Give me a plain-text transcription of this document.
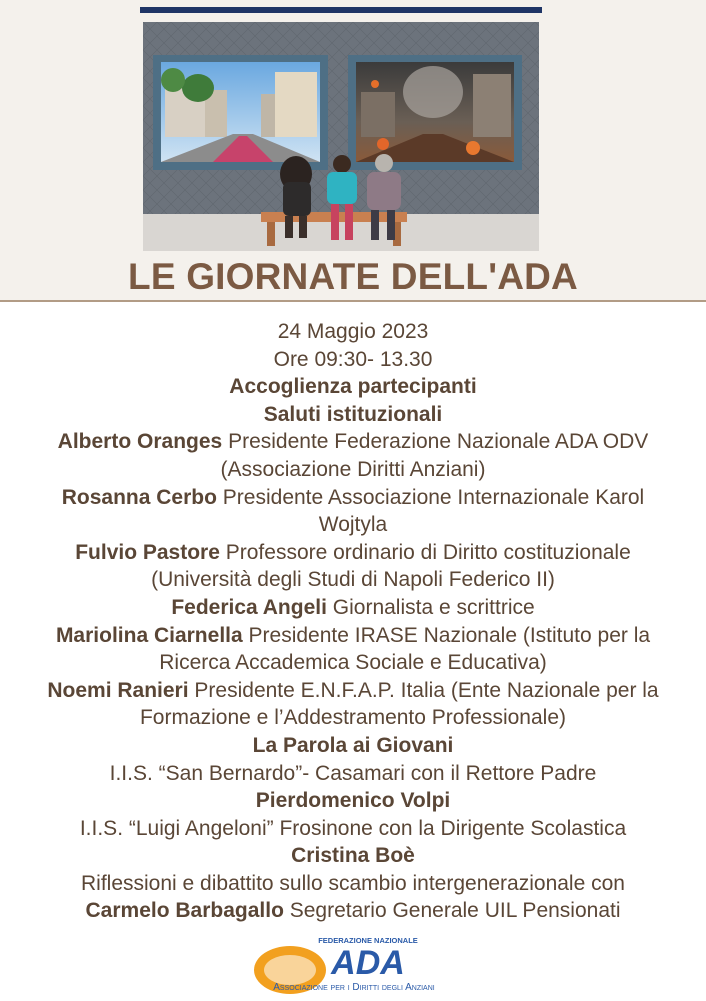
LE GIORNATE DELL'ADA
24 Maggio 2023
Ore 09:30- 13.30
Accoglienza partecipanti
Saluti istituzionali
Alberto Oranges Presidente Federazione Nazionale ADA ODV
(Associazione Diritti Anziani)
Rosanna Cerbo Presidente Associazione Internazionale Karol
Wojtyla
Fulvio Pastore Professore ordinario di Diritto costituzionale
(Università degli Studi di Napoli Federico II)
Federica Angeli Giornalista e scrittrice
Mariolina Ciarnella Presidente IRASE Nazionale (Istituto per la
Ricerca Accademica Sociale e Educativa)
Noemi Ranieri Presidente E.N.F.A.P. Italia (Ente Nazionale per la
Formazione e l’Addestramento Professionale)
La Parola ai Giovani
I.I.S. “San Bernardo”- Casamari con il Rettore Padre
Pierdomenico Volpi
I.I.S. “Luigi Angeloni” Frosinone con la Dirigente Scolastica
Cristina Boè
Riflessioni e dibattito sullo scambio intergenerazionale con
Carmelo Barbagallo Segretario Generale UIL Pensionati
FEDERAZIONE NAZIONALE
ADA
Associazione per i Diritti degli Anziani
